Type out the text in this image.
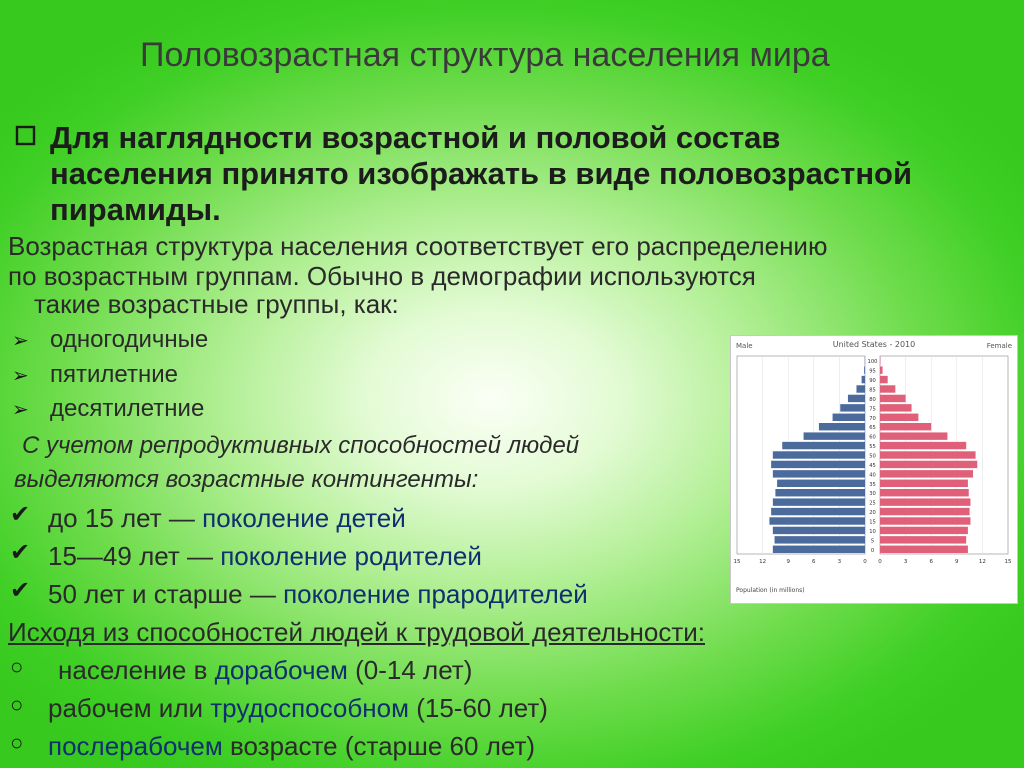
Половозрастная структура населения мира
Для наглядности возрастной и половой состав
населения принято изображать в виде половозрастной
пирамиды.
Возрастная структура населения соответствует его распределению
по возрастным группам. Обычно в демографии используются
такие возрастные группы, как:
➢ одногодичные
➢ пятилетние
➢ десятилетние
С учетом репродуктивных способностей людей
выделяются возрастные контингенты:
✔ до 15 лет — поколение детей
✔ 15—49 лет — поколение родителей
✔ 50 лет и старше — поколение прародителей
Исходя из способностей людей к трудовой деятельности:
○ население в дорабочем (0-14 лет)
○ рабочем или трудоспособном (15-60 лет)
○ послерабочем возрасте (старше 60 лет)
Male	United States - 2010	Female
Population (in millions)
0
5
10
15
20
25
30
35
40
45
50
55
60
65
70
75
80
85
90
95
100
15	12	9	6	3	0 0	3	6	9	12	15
